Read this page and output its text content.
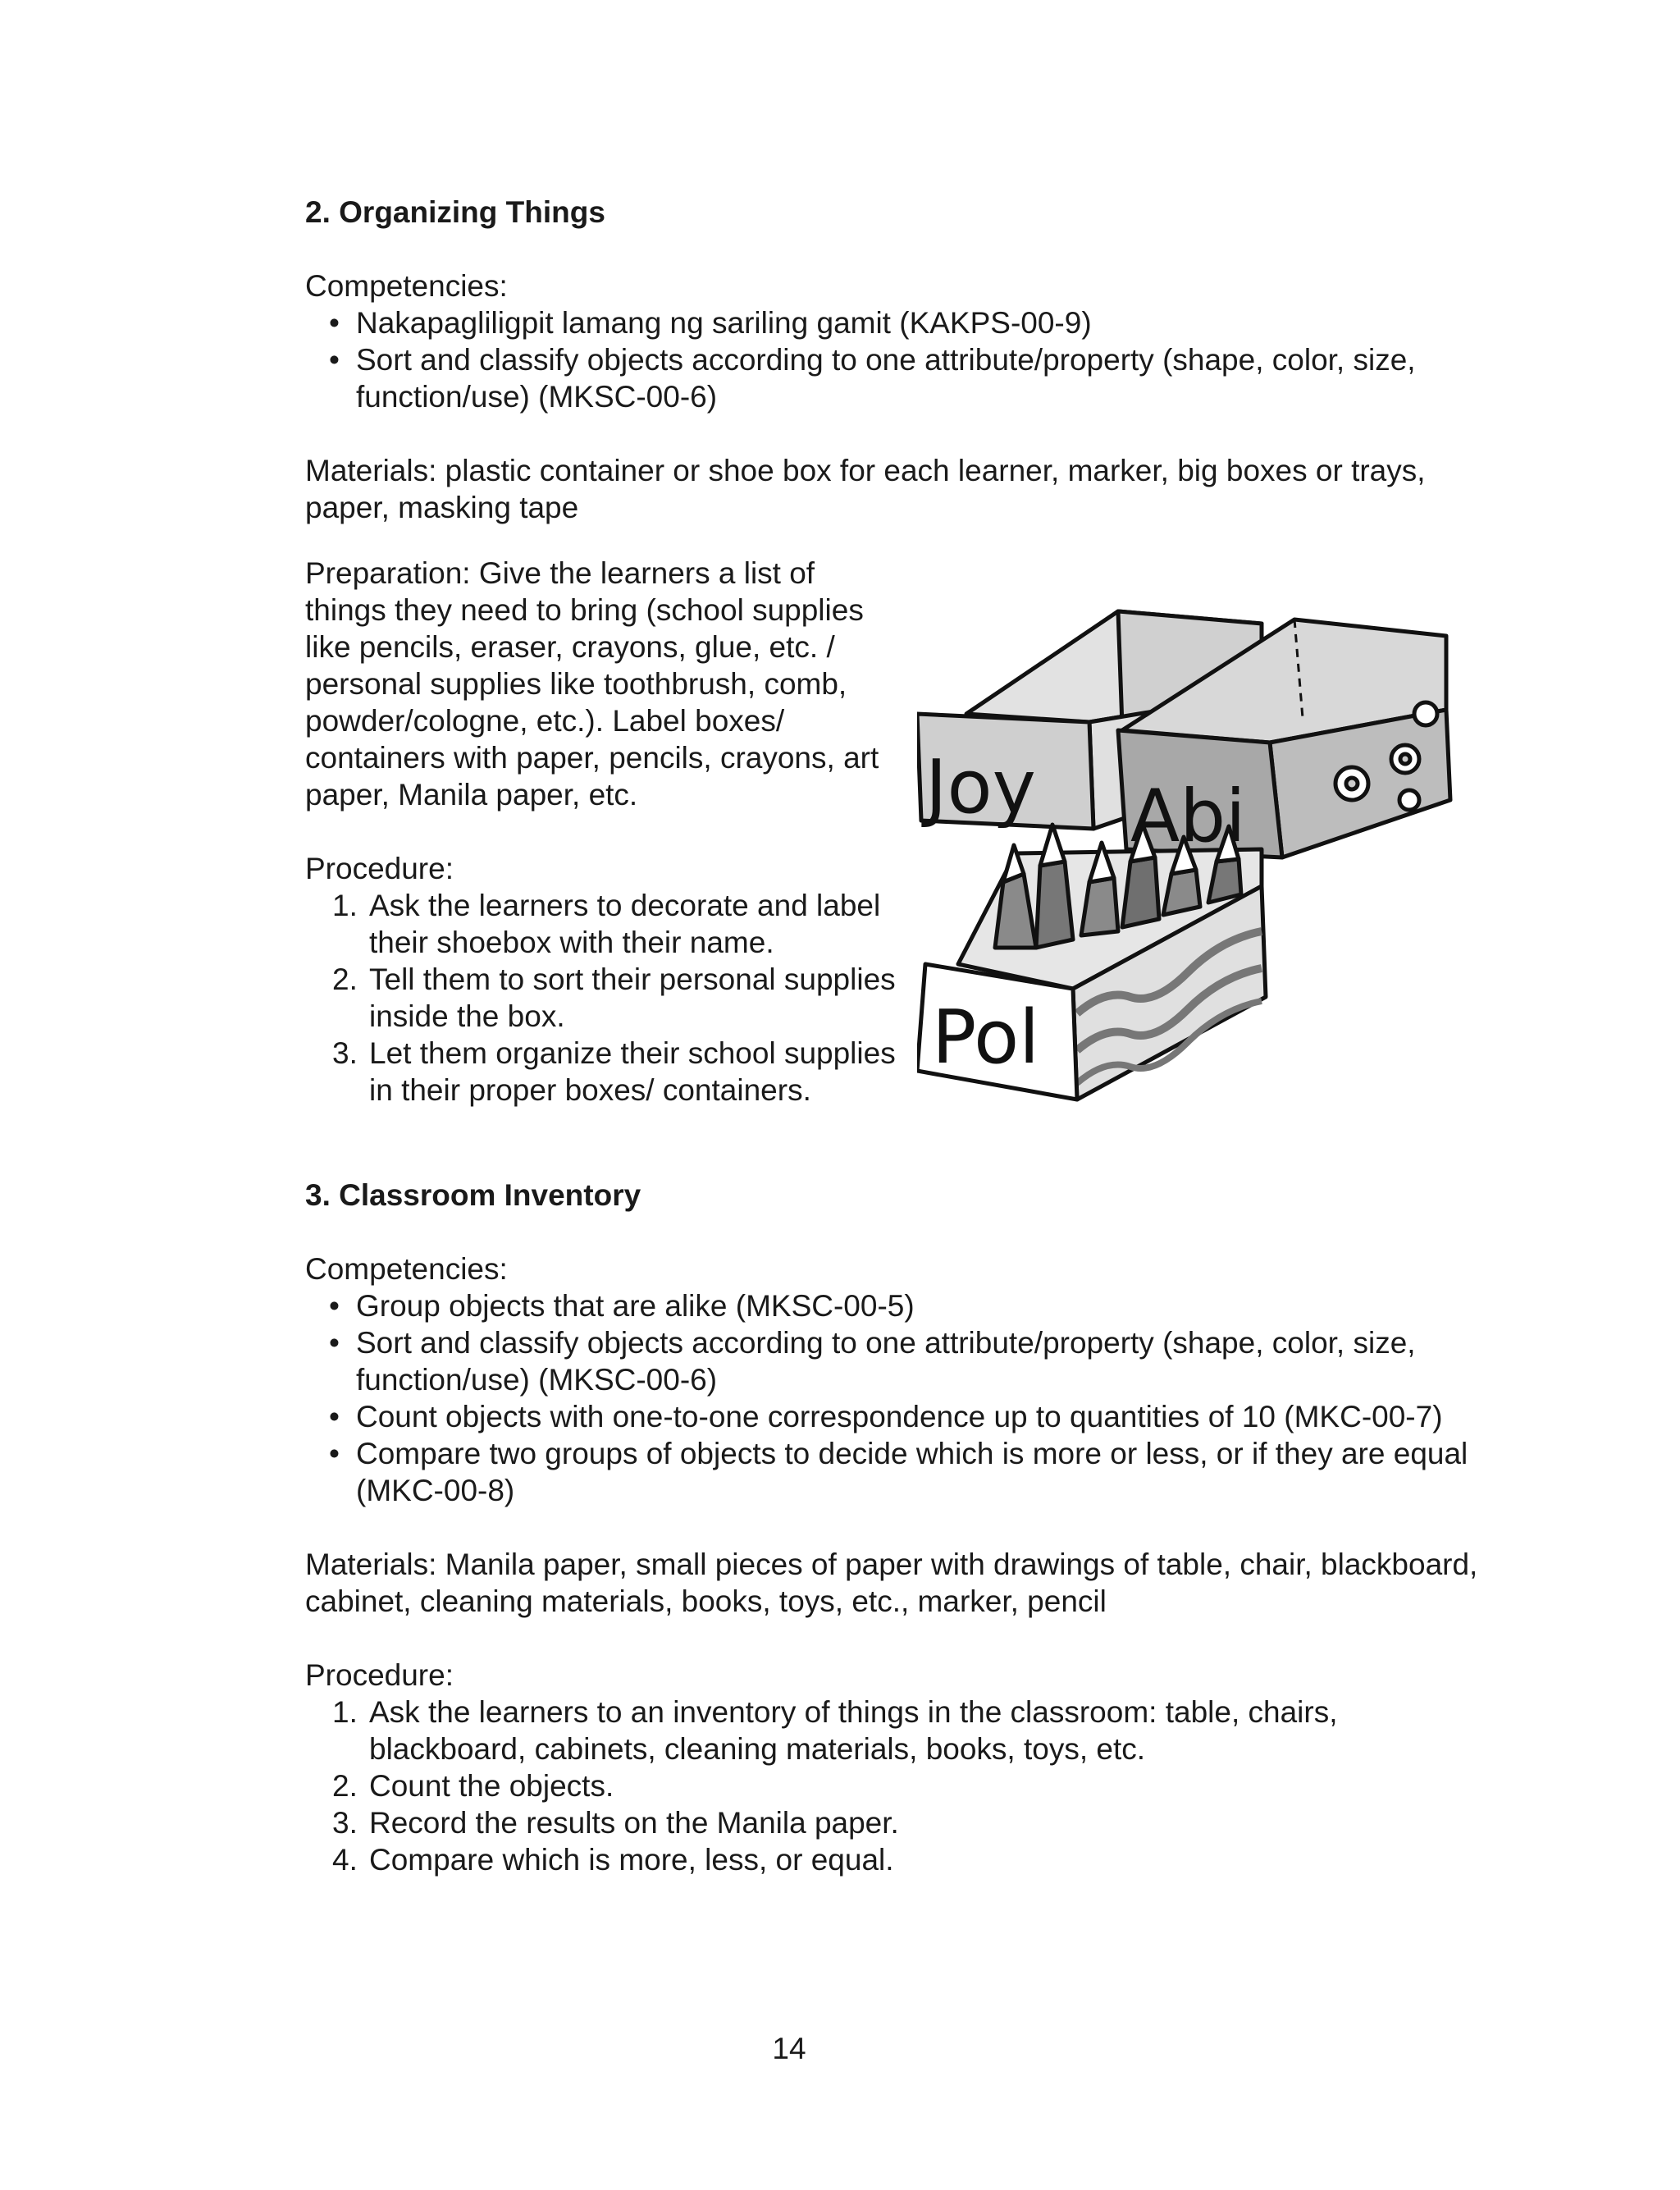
2. Organizing Things

Competencies:

• Nakapagliligpit lamang ng sariling gamit (KAKPS-00-9)
• Sort and classify objects according to one attribute/property (shape, color, size, function/use) (MKSC-00-6)

Materials: plastic container or shoe box for each learner, marker, big boxes or trays, paper, masking tape

Preparation: Give the learners a list of things they need to bring (school supplies like pencils, eraser, crayons, glue, etc. / personal supplies like toothbrush, comb, powder/cologne, etc.). Label boxes/ containers with paper, pencils, crayons, art paper, Manila paper, etc.

Procedure:

1. Ask the learners to decorate and label their shoebox with their name.
2. Tell them to sort their personal supplies inside the box.
3. Let them organize their school supplies in their proper boxes/ containers.

3. Classroom Inventory

Competencies:

• Group objects that are alike (MKSC-00-5)
• Sort and classify objects according to one attribute/property (shape, color, size, function/use) (MKSC-00-6)
• Count objects with one-to-one correspondence up to quantities of 10 (MKC-00-7)
• Compare two groups of objects to decide which is more or less, or if they are equal (MKC-00-8)

Materials: Manila paper, small pieces of paper with drawings of table, chair, blackboard, cabinet, cleaning materials, books, toys, etc., marker, pencil

Procedure:

1. Ask the learners to an inventory of things in the classroom: table, chairs, blackboard, cabinets, cleaning materials, books, toys, etc.
2. Count the objects.
3. Record the results on the Manila paper.
4. Compare which is more, less, or equal.
Joy Abi
Pol
14
